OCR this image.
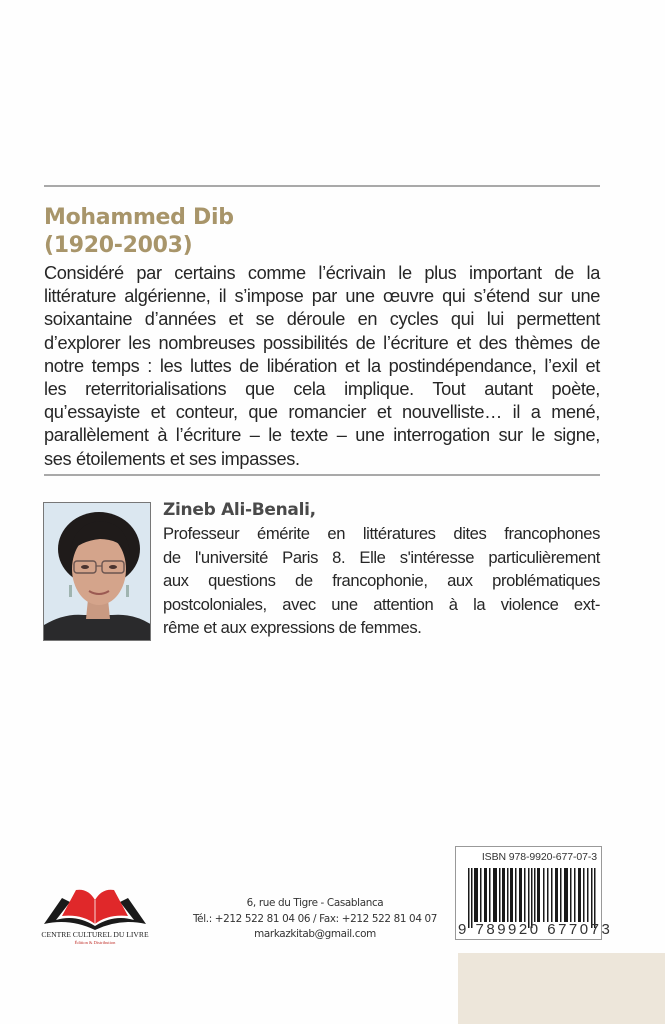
Mohammed Dib
(1920-2003)
Considéré par certains comme l’écrivain le plus important de la
littérature algérienne, il s’impose par une œuvre qui s’étend sur une
soixantaine d’années et se déroule en cycles qui lui permettent
d’explorer les nombreuses possibilités de l’écriture et des thèmes de
notre temps : les luttes de libération et la postindépendance, l’exil et
les reterritorialisations que cela implique. Tout autant poète,
qu’essayiste et conteur, que romancier et nouvelliste… il a mené,
parallèlement à l’écriture – le texte – une interrogation sur le signe,
ses étoilements et ses impasses.
Zineb Ali-Benali,
Professeur émérite en littératures dites francophones
de l'université Paris 8. Elle s'intéresse particulièrement
aux questions de francophonie, aux problématiques
postcoloniales, avec une attention à la violence ext-
rême et aux expressions de femmes.
CENTRE CULTUREL DU LIVRE
Édition & Distribution
6, rue du Tigre - Casablanca
Tél.: +212 522 81 04 06 / Fax: +212 522 81 04 07
markazkitab@gmail.com
ISBN 978-9920-677-07-3
9 789920 677073
